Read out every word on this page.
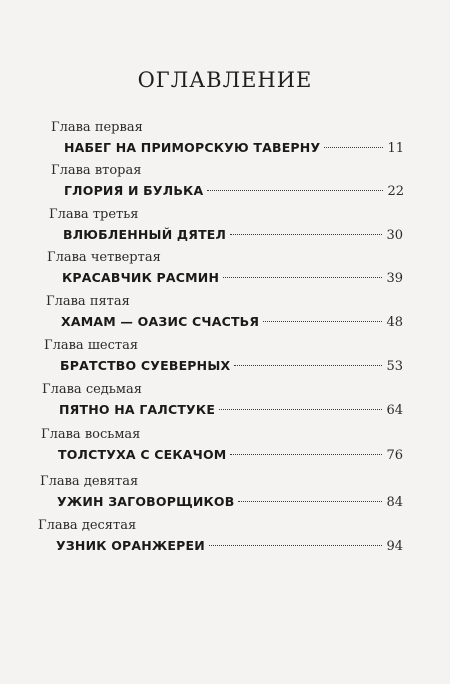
ОГЛАВЛЕНИЕ
Глава первая
НАБЕГ НА ПРИМОРСКУЮ ТАВЕРНУ	11
Глава вторая
ГЛОРИЯ И БУЛЬКА	22
Глава третья
ВЛЮБЛЕННЫЙ ДЯТЕЛ	30
Глава четвертая
КРАСАВЧИК РАСМИН	39
Глава пятая
ХАМАМ — ОАЗИС СЧАСТЬЯ	48
Глава шестая
БРАТСТВО СУЕВЕРНЫХ	53
Глава седьмая
ПЯТНО НА ГАЛСТУКЕ	64
Глава восьмая
ТОЛСТУХА С СЕКАЧОМ	76
Глава девятая
УЖИН ЗАГОВОРЩИКОВ	84
Глава десятая
УЗНИК ОРАНЖЕРЕИ	94
